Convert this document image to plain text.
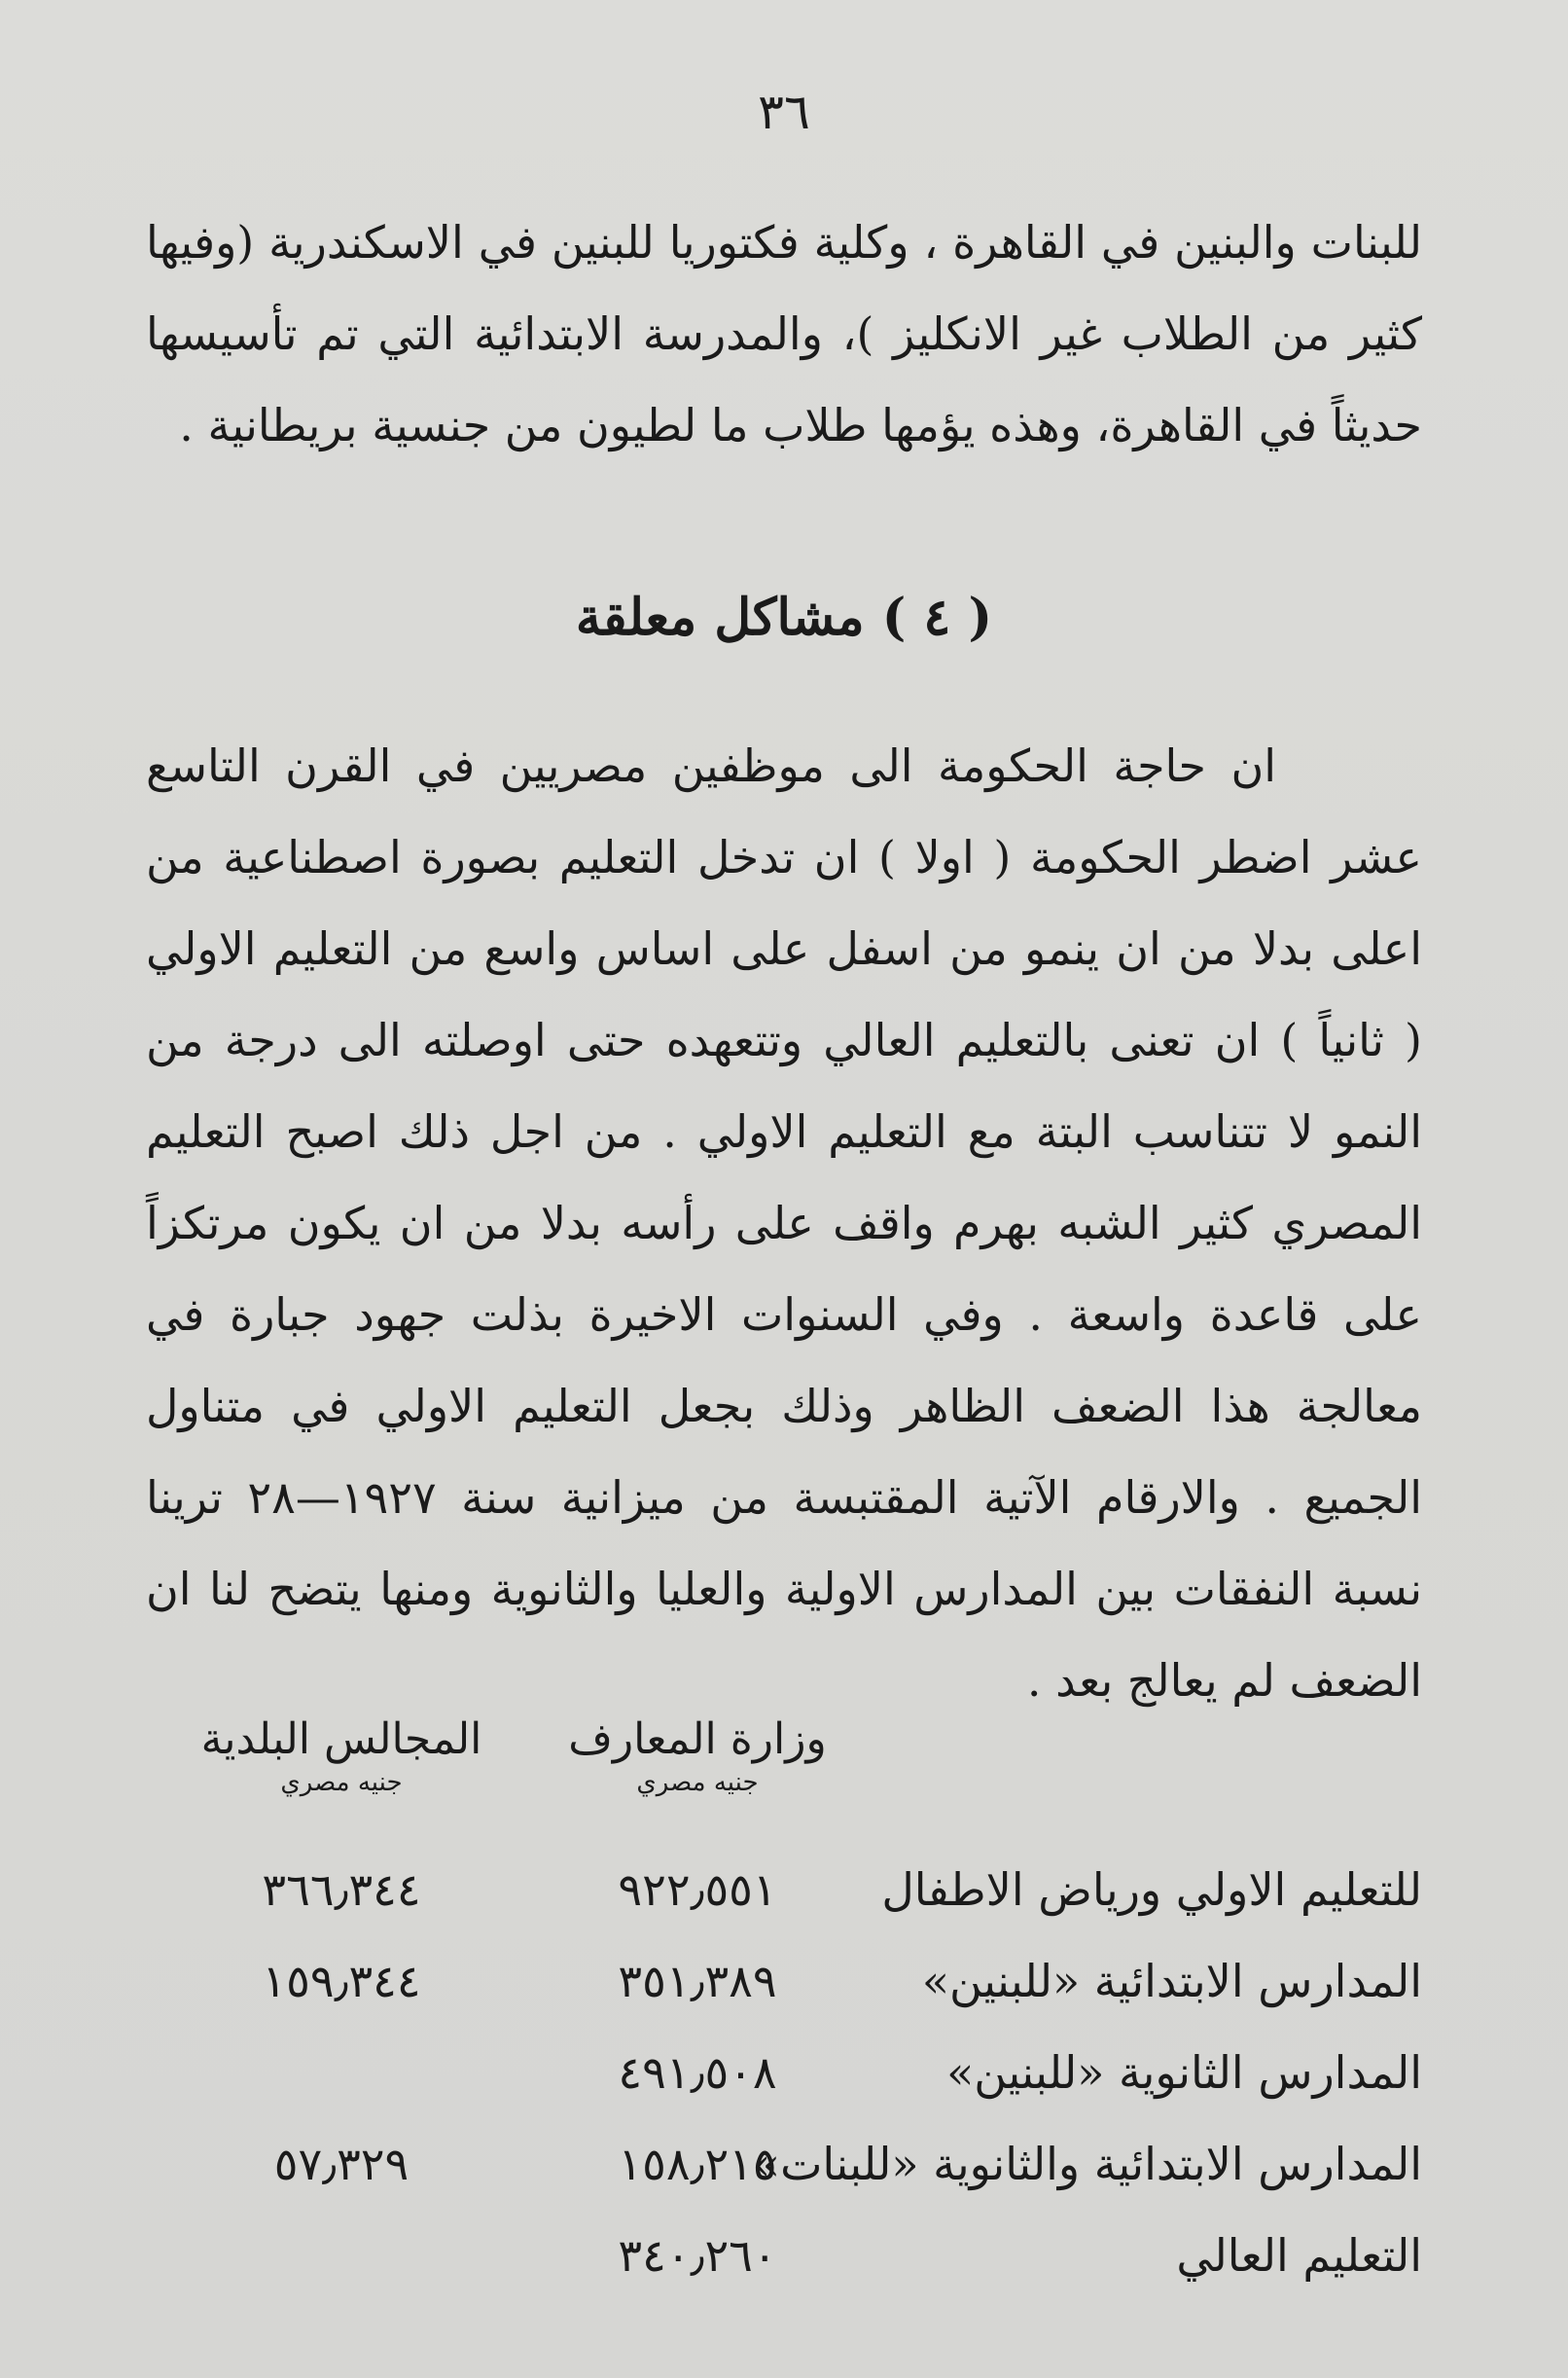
٣٦

للبنات والبنين في القاهرة ، وكلية فكتوريا للبنين في الاسكندرية (وفيها كثير من الطلاب غير الانكليز )، والمدرسة الابتدائية التي تم تأسيسها حديثاً في القاهرة، وهذه يؤمها طلاب ما لطيون من جنسية بريطانية .

( ٤ ) مشاكل معلقة

ان حاجة الحكومة الى موظفين مصريين في القرن التاسع عشر اضطر الحكومة ( اولا ) ان تدخل التعليم بصورة اصطناعية من اعلى بدلا من ان ينمو من اسفل على اساس واسع من التعليم الاولي ( ثانياً ) ان تعنى بالتعليم العالي وتتعهده حتى اوصلته الى درجة من النمو لا تتناسب البتة مع التعليم الاولي . من اجل ذلك اصبح التعليم المصري كثير الشبه بهرم واقف على رأسه بدلا من ان يكون مرتكزاً على قاعدة واسعة . وفي السنوات الاخيرة بذلت جهود جبارة في معالجة هذا الضعف الظاهر وذلك بجعل التعليم الاولي في متناول الجميع . والارقام الآتية المقتبسة من ميزانية سنة ١٩٢٧—٢٨ ترينا نسبة النفقات بين المدارس الاولية والعليا والثانوية ومنها يتضح لنا ان الضعف لم يعالج بعد .

وزارة المعارف
المجالس البلدية
جنيه مصري
جنيه مصري
للتعليم الاولي ورياض الاطفال
٩٢٢٫٥٥١
٣٦٦٫٣٤٤
المدارس الابتدائية «للبنين»
٣٥١٫٣٨٩
١٥٩٫٣٤٤
المدارس الثانوية «للبنين»
٤٩١٫٥٠٨
المدارس الابتدائية والثانوية «للبنات»
١٥٨٫٢١٥
٥٧٫٣٢٩
التعليم العالي
٣٤٠٫٢٦٠
